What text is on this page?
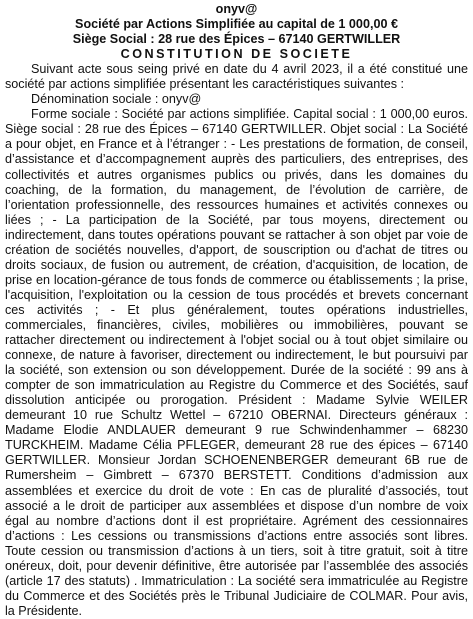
onyv@
Société par Actions Simplifiée au capital de 1 000,00 €
Siège Social : 28 rue des Épices – 67140 GERTWILLER
CONSTITUTION DE SOCIETE

Suivant acte sous seing privé en date du 4 avril 2023, il a été constitué une société par actions simplifiée présentant les caractéristiques suivantes :

Dénomination sociale : onyv@

Forme sociale : Société par actions simplifiée. Capital social : 1 000,00 euros. Siège social : 28 rue des Épices – 67140 GERTWILLER. Objet social : La Société a pour objet, en France et à l’étranger : - Les prestations de formation, de conseil, d’assistance et d’accompagnement auprès des particuliers, des entreprises, des collectivités et autres organismes publics ou privés, dans les domaines du coaching, de la formation, du management, de l’évolution de carrière, de l’orientation professionnelle, des ressources humaines et activités connexes ou liées ; - La participation de la Société, par tous moyens, directement ou indirectement, dans toutes opérations pouvant se rattacher à son objet par voie de création de sociétés nouvelles, d'apport, de souscription ou d'achat de titres ou droits sociaux, de fusion ou autrement, de création, d'acquisition, de location, de prise en location-gérance de tous fonds de commerce ou établissements ; la prise, l'acquisition, l'exploitation ou la cession de tous procédés et brevets concernant ces activités ; - Et plus généralement, toutes opérations industrielles, commerciales, financières, civiles, mobilières ou immobilières, pouvant se rattacher directement ou indirectement à l'objet social ou à tout objet similaire ou connexe, de nature à favoriser, directement ou indirectement, le but poursuivi par la société, son extension ou son développement. Durée de la société : 99 ans à compter de son immatriculation au Registre du Commerce et des Sociétés, sauf dissolution anticipée ou prorogation. Président : Madame Sylvie WEILER demeurant 10 rue Schultz Wettel – 67210 OBERNAI. Directeurs généraux : Madame Elodie ANDLAUER demeurant 9 rue Schwindenhammer – 68230 TURCKHEIM. Madame Célia PFLEGER, demeurant 28 rue des épices – 67140 GERTWILLER. Monsieur Jordan SCHOENENBERGER demeurant 6B rue de Rumersheim – Gimbrett – 67370 BERSTETT. Conditions d’admission aux assemblées et exercice du droit de vote : En cas de pluralité d’associés, tout associé a le droit de participer aux assemblées et dispose d’un nombre de voix égal au nombre d’actions dont il est propriétaire. Agrément des cessionnaires d’actions : Les cessions ou transmissions d’actions entre associés sont libres. Toute cession ou transmission d’actions à un tiers, soit à titre gratuit, soit à titre onéreux, doit, pour devenir définitive, être autorisée par l’assemblée des associés (article 17 des statuts) . Immatriculation : La société sera immatriculée au Registre du Commerce et des Sociétés près le Tribunal Judiciaire de COLMAR. Pour avis, la Présidente.
